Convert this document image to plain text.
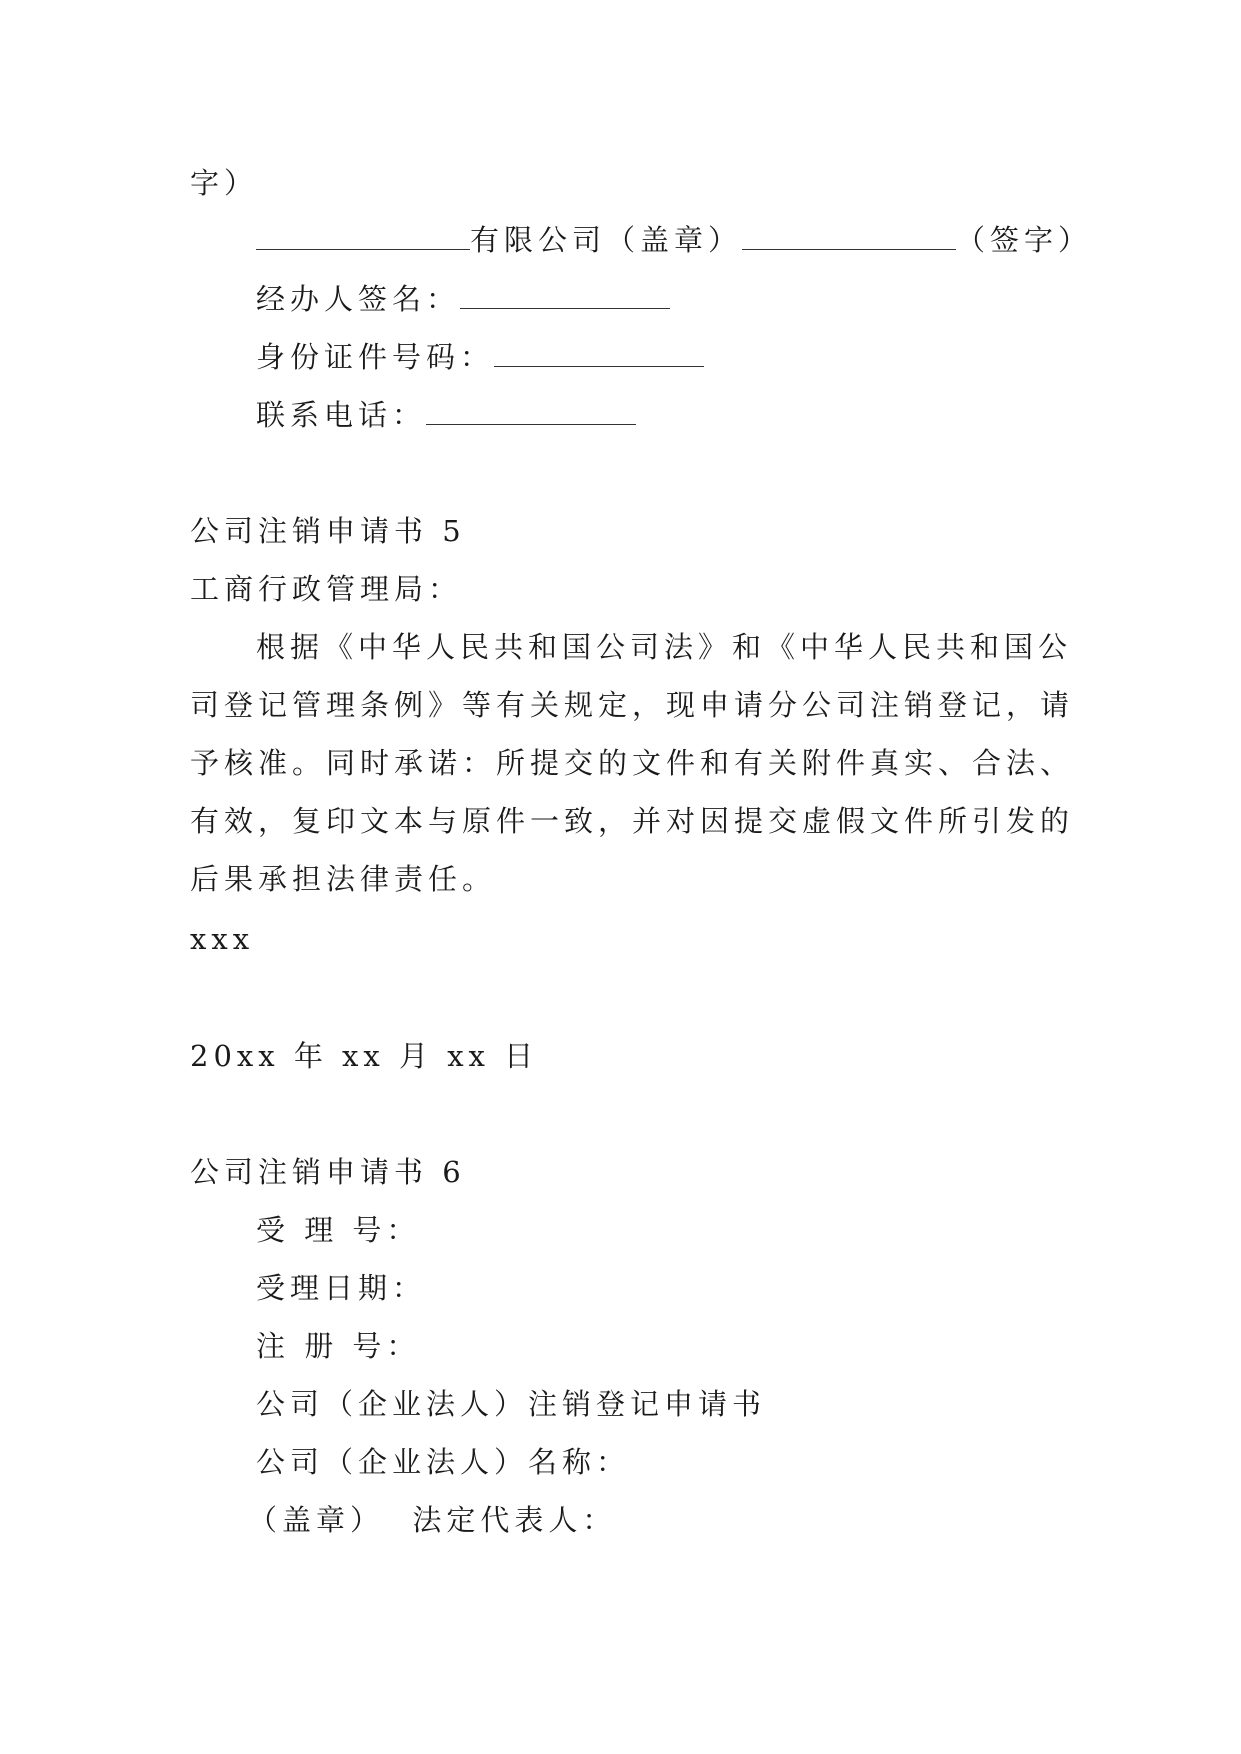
字）
有限公司（盖章）	（签字）
经办人签名：
身份证件号码：
联系电话：
公司注销申请书 5
工商行政管理局：
根据《中华人民共和国公司法》和《中华人民共和国公
司登记管理条例》等有关规定，现申请分公司注销登记，请
予核准。同时承诺：所提交的文件和有关附件真实、合法、
有效，复印文本与原件一致，并对因提交虚假文件所引发的
后果承担法律责任。
xxx
20xx 年 xx 月 xx 日
公司注销申请书 6
受 理 号：
受理日期：
注 册 号：
公司（企业法人）注销登记申请书
公司（企业法人）名称：
（盖章）  法定代表人：
